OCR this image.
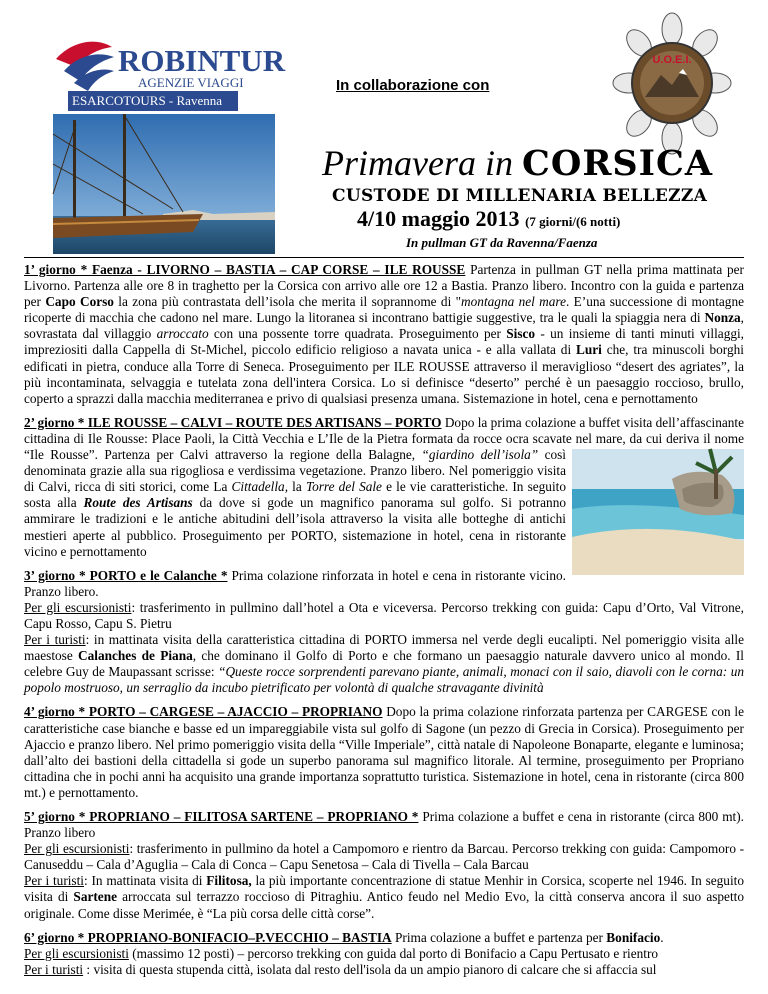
ROBINTUR
AGENZIE VIAGGI
ESARCOTOURS - Ravenna
In collaborazione con
U.O.E.I.
Primavera in CORSICA
CUSTODE DI MILLENARIA BELLEZZA
4/10 maggio 2013 (7 giorni/(6 notti)
In pullman GT da Ravenna/Faenza

1’ giorno * Faenza - LIVORNO – BASTIA – CAP CORSE – ILE ROUSSE Partenza in pullman GT nella prima mattinata per Livorno. Partenza alle ore 8 in traghetto per la Corsica con arrivo alle ore 12 a Bastia. Pranzo libero. Incontro con la guida e partenza per Capo Corso la zona più contrastata dell’isola che merita il soprannome di "montagna nel mare. E’una successione di montagne ricoperte di macchia che cadono nel mare. Lungo la litoranea si incontrano battigie suggestive, tra le quali la spiaggia nera di Nonza, sovrastata dal villaggio arroccato con una possente torre quadrata. Proseguimento per Sisco - un insieme di tanti minuti villaggi, impreziositi dalla Cappella di St-Michel, piccolo edificio religioso a navata unica - e alla vallata di Luri che, tra minuscoli borghi edificati in pietra, conduce alla Torre di Seneca. Proseguimento per ILE ROUSSE attraverso il meraviglioso “desert des agriates”, la più incontaminata, selvaggia e tutelata zona dell'intera Corsica. Lo si definisce “deserto” perché è un paesaggio roccioso, brullo, coperto a sprazzi dalla macchia mediterranea e privo di qualsiasi presenza umana. Sistemazione in hotel, cena e pernottamento

2’ giorno * ILE ROUSSE – CALVI – ROUTE DES ARTISANS – PORTO Dopo la prima colazione a buffet visita dell’affascinante cittadina di Ile Rousse: Place Paoli, la Città Vecchia e L’Ile de la Pietra formata da rocce ocra scavate nel mare, da cui deriva il nome “Ile Rousse”. Partenza per Calvi attraverso la regione della Balagne, “giardino dell’isola”
così denominata grazie alla sua rigogliosa e verdissima vegetazione. Pranzo libero. Nel pomeriggio visita di Calvi, ricca di siti storici, come La Cittadella, la Torre del Sale e le vie caratteristiche. In seguito sosta alla Route des Artisans da dove si gode un magnifico panorama sul golfo. Si potranno ammirare le tradizioni e le antiche abitudini dell’isola attraverso la visita alle botteghe di antichi mestieri aperte al pubblico. Proseguimento per PORTO, sistemazione in hotel, cena in ristorante vicino e pernottamento

3’ giorno * PORTO e le Calanche * Prima colazione rinforzata in hotel e cena in ristorante vicino. Pranzo libero.
Per gli escursionisti: trasferimento in pullmino dall’hotel a Ota e viceversa. Percorso trekking con guida: Capu d’Orto, Val Vitrone, Capu Rosso, Capu S. Pietru
Per i turisti: in mattinata visita della caratteristica cittadina di PORTO immersa nel verde degli eucalipti. Nel pomeriggio visita alle maestose Calanches de Piana, che dominano il Golfo di Porto e che formano un paesaggio naturale davvero unico al mondo. Il celebre Guy de Maupassant scrisse: “Queste rocce sorprendenti parevano piante, animali, monaci con il saio, diavoli con le corna: un popolo mostruoso, un serraglio da incubo pietrificato per volontà di qualche stravagante divinità

4’ giorno * PORTO – CARGESE – AJACCIO – PROPRIANO Dopo la prima colazione rinforzata partenza per CARGESE con le caratteristiche case bianche e basse ed un impareggiabile vista sul golfo di Sagone (un pezzo di Grecia in Corsica). Proseguimento per Ajaccio e pranzo libero. Nel primo pomeriggio visita della “Ville Imperiale”, città natale di Napoleone Bonaparte, elegante e luminosa; dall’alto dei bastioni della cittadella si gode un superbo panorama sul magnifico litorale. Al termine, proseguimento per Propriano cittadina che in pochi anni ha acquisito una grande importanza soprattutto turistica. Sistemazione in hotel, cena in ristorante (circa 800 mt.) e pernottamento.

5’ giorno * PROPRIANO – FILITOSA SARTENE – PROPRIANO * Prima colazione a buffet e cena in ristorante (circa 800 mt). Pranzo libero
Per gli escursionisti: trasferimento in pullmino da hotel a Campomoro e rientro da Barcau. Percorso trekking con guida: Campomoro - Canuseddu – Cala d’Aguglia – Cala di Conca – Capu Senetosa – Cala di Tivella – Cala Barcau
Per i turisti: In mattinata visita di Filitosa, la più importante concentrazione di statue Menhir in Corsica, scoperte nel 1946. In seguito visita di Sartene arroccata sul terrazzo roccioso di Pitraghiu. Antico feudo nel Medio Evo, la città conserva ancora il suo aspetto originale. Come disse Merimée, è “La più corsa delle città corse”.

6’ giorno * PROPRIANO-BONIFACIO–P.VECCHIO – BASTIA Prima colazione a buffet e partenza per Bonifacio.
Per gli escursionisti (massimo 12 posti) – percorso trekking con guida dal porto di Bonifacio a Capu Pertusato e rientro
Per i turisti : visita di questa stupenda città, isolata dal resto dell'isola da un ampio pianoro di calcare che si affaccia sul
